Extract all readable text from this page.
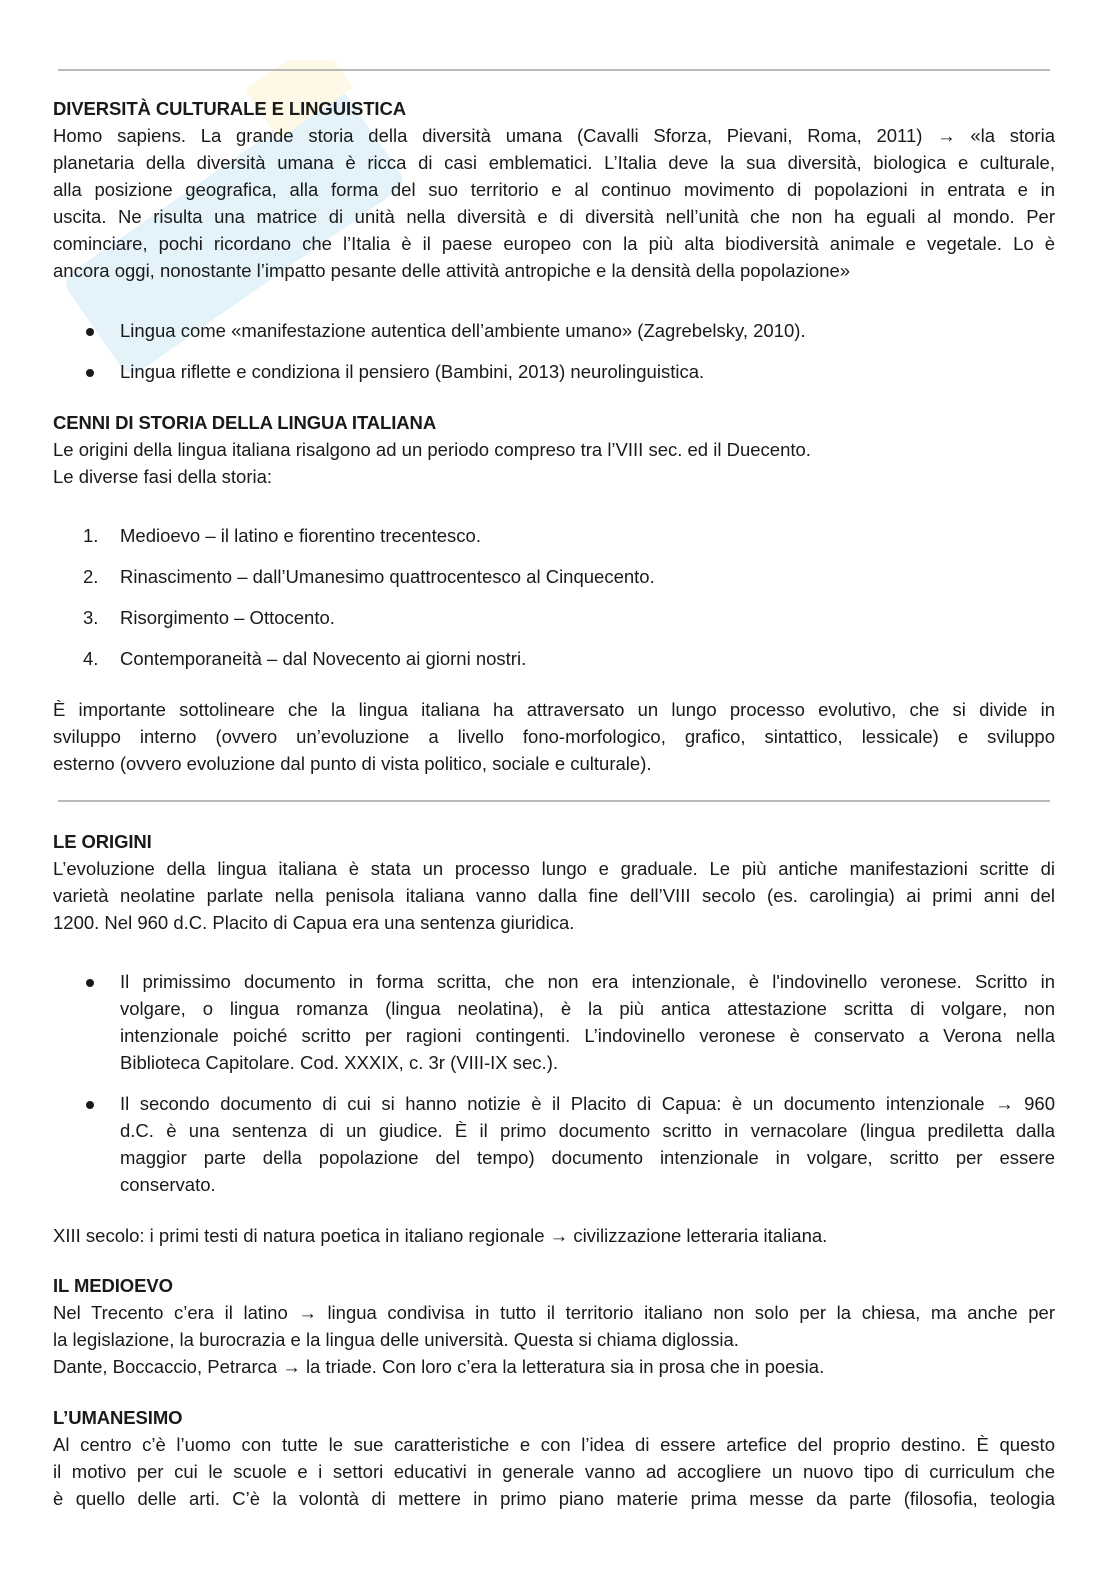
DIVERSITÀ CULTURALE E LINGUISTICA
Homo sapiens. La grande storia della diversità umana (Cavalli Sforza, Pievani, Roma, 2011) → «la storia
planetaria della diversità umana è ricca di casi emblematici. L’Italia deve la sua diversità, biologica e culturale,
alla posizione geografica, alla forma del suo territorio e al continuo movimento di popolazioni in entrata e in
uscita. Ne risulta una matrice di unità nella diversità e di diversità nell’unità che non ha eguali al mondo. Per
cominciare, pochi ricordano che l’Italia è il paese europeo con la più alta biodiversità animale e vegetale. Lo è
ancora oggi, nonostante l’impatto pesante delle attività antropiche e la densità della popolazione»
Lingua come «manifestazione autentica dell’ambiente umano» (Zagrebelsky, 2010).
Lingua riflette e condiziona il pensiero (Bambini, 2013) neurolinguistica.
CENNI DI STORIA DELLA LINGUA ITALIANA
Le origini della lingua italiana risalgono ad un periodo compreso tra l’VIII sec. ed il Duecento.
Le diverse fasi della storia:
1. Medioevo – il latino e fiorentino trecentesco.
2. Rinascimento – dall’Umanesimo quattrocentesco al Cinquecento.
3. Risorgimento – Ottocento.
4. Contemporaneità – dal Novecento ai giorni nostri.
È importante sottolineare che la lingua italiana ha attraversato un lungo processo evolutivo, che si divide in
sviluppo interno (ovvero un’evoluzione a livello fono-morfologico, grafico, sintattico, lessicale) e sviluppo
esterno (ovvero evoluzione dal punto di vista politico, sociale e culturale).
LE ORIGINI
L’evoluzione della lingua italiana è stata un processo lungo e graduale. Le più antiche manifestazioni scritte di
varietà neolatine parlate nella penisola italiana vanno dalla fine dell’VIII secolo (es. carolingia) ai primi anni del
1200. Nel 960 d.C. Placito di Capua era una sentenza giuridica.
Il primissimo documento in forma scritta, che non era intenzionale, è l'indovinello veronese. Scritto in
volgare, o lingua romanza (lingua neolatina), è la più antica attestazione scritta di volgare, non
intenzionale poiché scritto per ragioni contingenti. L’indovinello veronese è conservato a Verona nella
Biblioteca Capitolare. Cod. XXXIX, c. 3r (VIII-IX sec.).
Il secondo documento di cui si hanno notizie è il Placito di Capua: è un documento intenzionale → 960
d.C. è una sentenza di un giudice. È il primo documento scritto in vernacolare (lingua prediletta dalla
maggior parte della popolazione del tempo) documento intenzionale in volgare, scritto per essere
conservato.
XIII secolo: i primi testi di natura poetica in italiano regionale → civilizzazione letteraria italiana.
IL MEDIOEVO
Nel Trecento c’era il latino → lingua condivisa in tutto il territorio italiano non solo per la chiesa, ma anche per
la legislazione, la burocrazia e la lingua delle università. Questa si chiama diglossia.
Dante, Boccaccio, Petrarca → la triade. Con loro c’era la letteratura sia in prosa che in poesia.
L’UMANESIMO
Al centro c’è l’uomo con tutte le sue caratteristiche e con l’idea di essere artefice del proprio destino. È questo
il motivo per cui le scuole e i settori educativi in generale vanno ad accogliere un nuovo tipo di curriculum che
è quello delle arti. C’è la volontà di mettere in primo piano materie prima messe da parte (filosofia, teologia
